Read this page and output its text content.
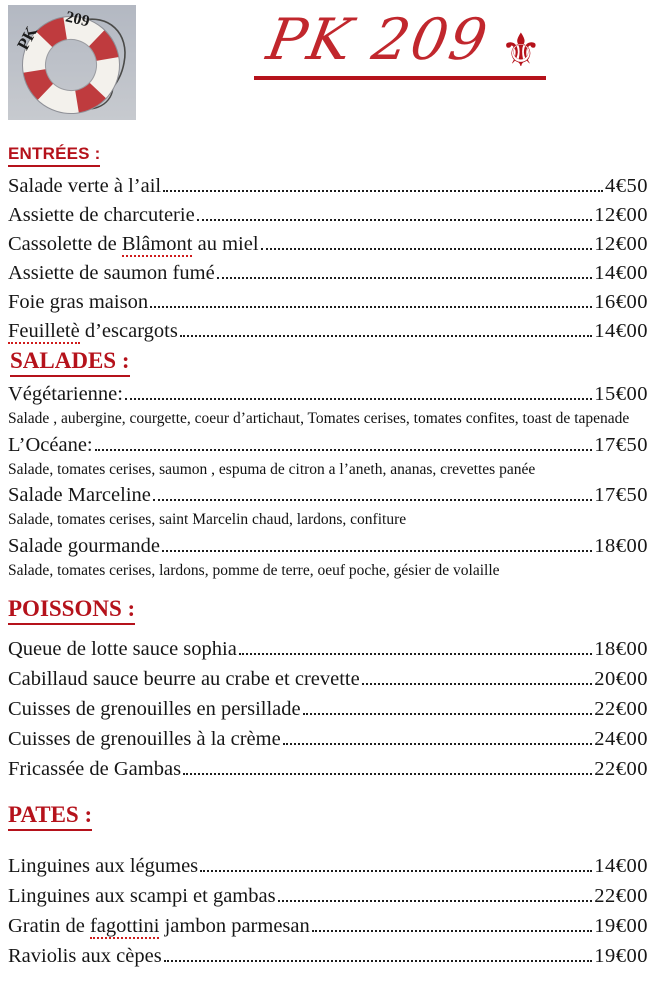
PK
209	PK 209 ⚜
ENTRÉES :
Salade verte à l’ail	4€50
Assiette de charcuterie	12€00
Cassolette de Blâmont au miel	12€00
Assiette de saumon fumé	14€00
Foie gras maison	16€00
Feuilletè d’escargots	14€00
SALADES :
Végétarienne:	15€00

Salade , aubergine, courgette, coeur d’artichaut, Tomates cerises, tomates confites, toast de tapenade

L’Océane:	17€50

Salade, tomates cerises, saumon , espuma de citron a l’aneth, ananas, crevettes panée

Salade Marceline	17€50

Salade, tomates cerises, saint Marcelin chaud, lardons, confiture

Salade gourmande	18€00

Salade, tomates cerises, lardons, pomme de terre, oeuf poche, gésier de volaille

POISSONS :
Queue de lotte sauce sophia	18€00
Cabillaud sauce beurre au crabe et crevette	20€00
Cuisses de grenouilles en persillade	22€00
Cuisses de grenouilles à la crème	24€00
Fricassée de Gambas	22€00
PATES :
Linguines aux légumes	14€00
Linguines aux scampi et gambas	22€00
Gratin de fagottini jambon parmesan	19€00
Raviolis aux cèpes	19€00
